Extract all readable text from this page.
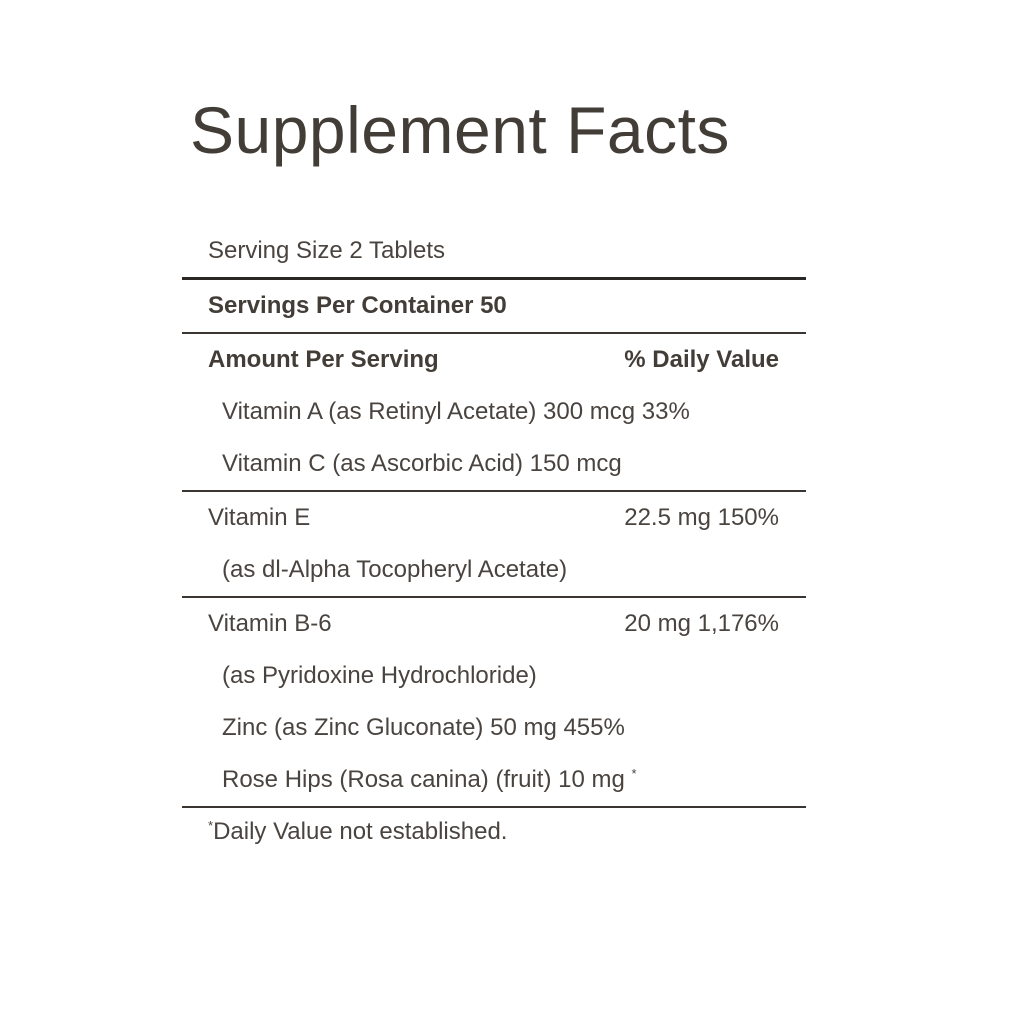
Supplement Facts
Serving Size 2 Tablets
Servings Per Container 50
Amount Per Serving	% Daily Value
Vitamin A (as Retinyl Acetate) 300 mcg 33%
Vitamin C (as Ascorbic Acid) 150 mcg
Vitamin E	22.5 mg 150%
(as dl-Alpha Tocopheryl Acetate)
Vitamin B-6	20 mg 1,176%
(as Pyridoxine Hydrochloride)
Zinc (as Zinc Gluconate) 50 mg 455%
Rose Hips (Rosa canina) (fruit) 10 mg *
*Daily Value not established.
